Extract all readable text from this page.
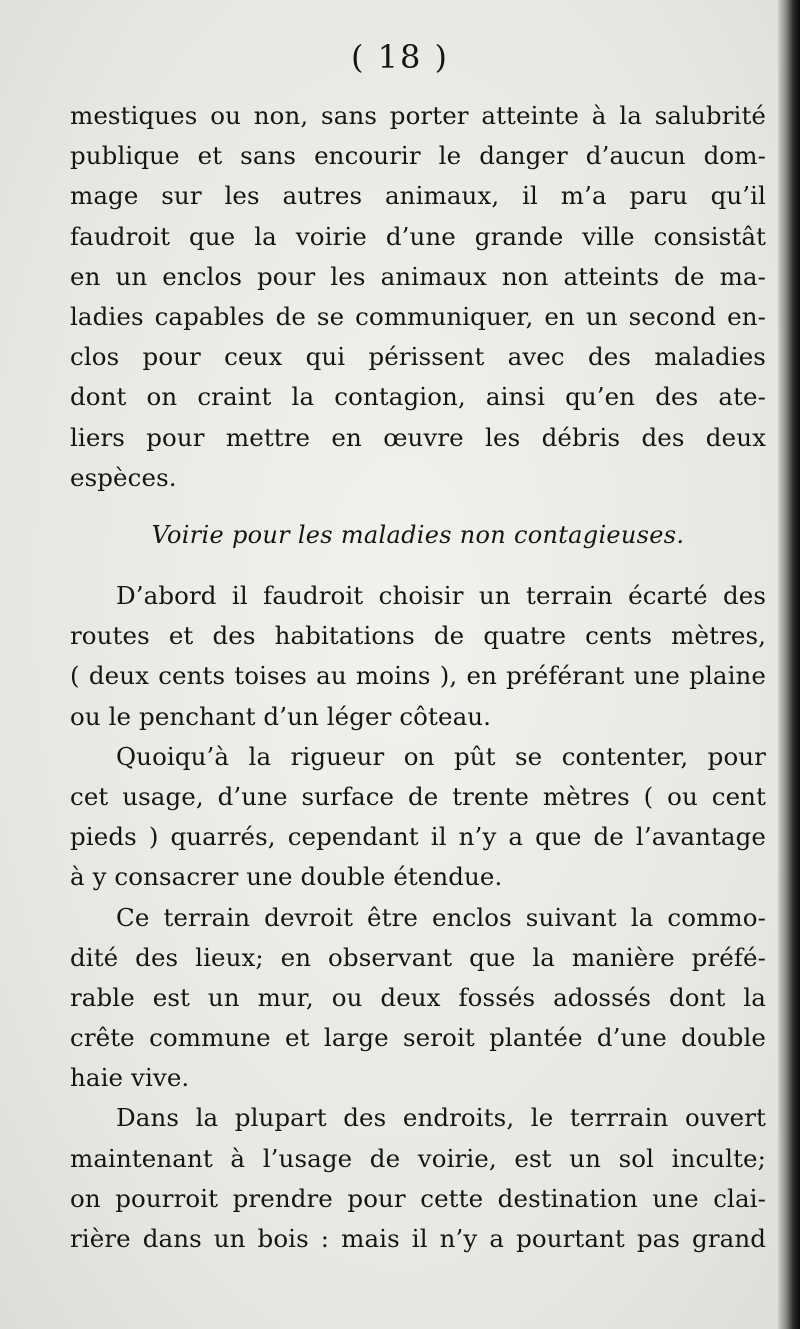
( 18 )

mestiques ou non, sans porter atteinte à la salubrité
publique et sans encourir le danger d’aucun dom-
mage sur les autres animaux, il m’a paru qu’il
faudroit que la voirie d’une grande ville consistât
en un enclos pour les animaux non atteints de ma-
ladies capables de se communiquer, en un second en-
clos pour ceux qui périssent avec des maladies
dont on craint la contagion, ainsi qu’en des ate-
liers pour mettre en œuvre les débris des deux
espèces.

Voirie pour les maladies non contagieuses.

D’abord il faudroit choisir un terrain écarté des
routes et des habitations de quatre cents mètres,
( deux cents toises au moins ), en préférant une plaine
ou le penchant d’un léger côteau.

Quoiqu’à la rigueur on pût se contenter, pour
cet usage, d’une surface de trente mètres ( ou cent
pieds ) quarrés, cependant il n’y a que de l’avantage
à y consacrer une double étendue.

Ce terrain devroit être enclos suivant la commo-
dité des lieux; en observant que la manière préfé-
rable est un mur, ou deux fossés adossés dont la
crête commune et large seroit plantée d’une double
haie vive.

Dans la plupart des endroits, le terrrain ouvert
maintenant à l’usage de voirie, est un sol inculte;
on pourroit prendre pour cette destination une clai-
rière dans un bois : mais il n’y a pourtant pas grand
